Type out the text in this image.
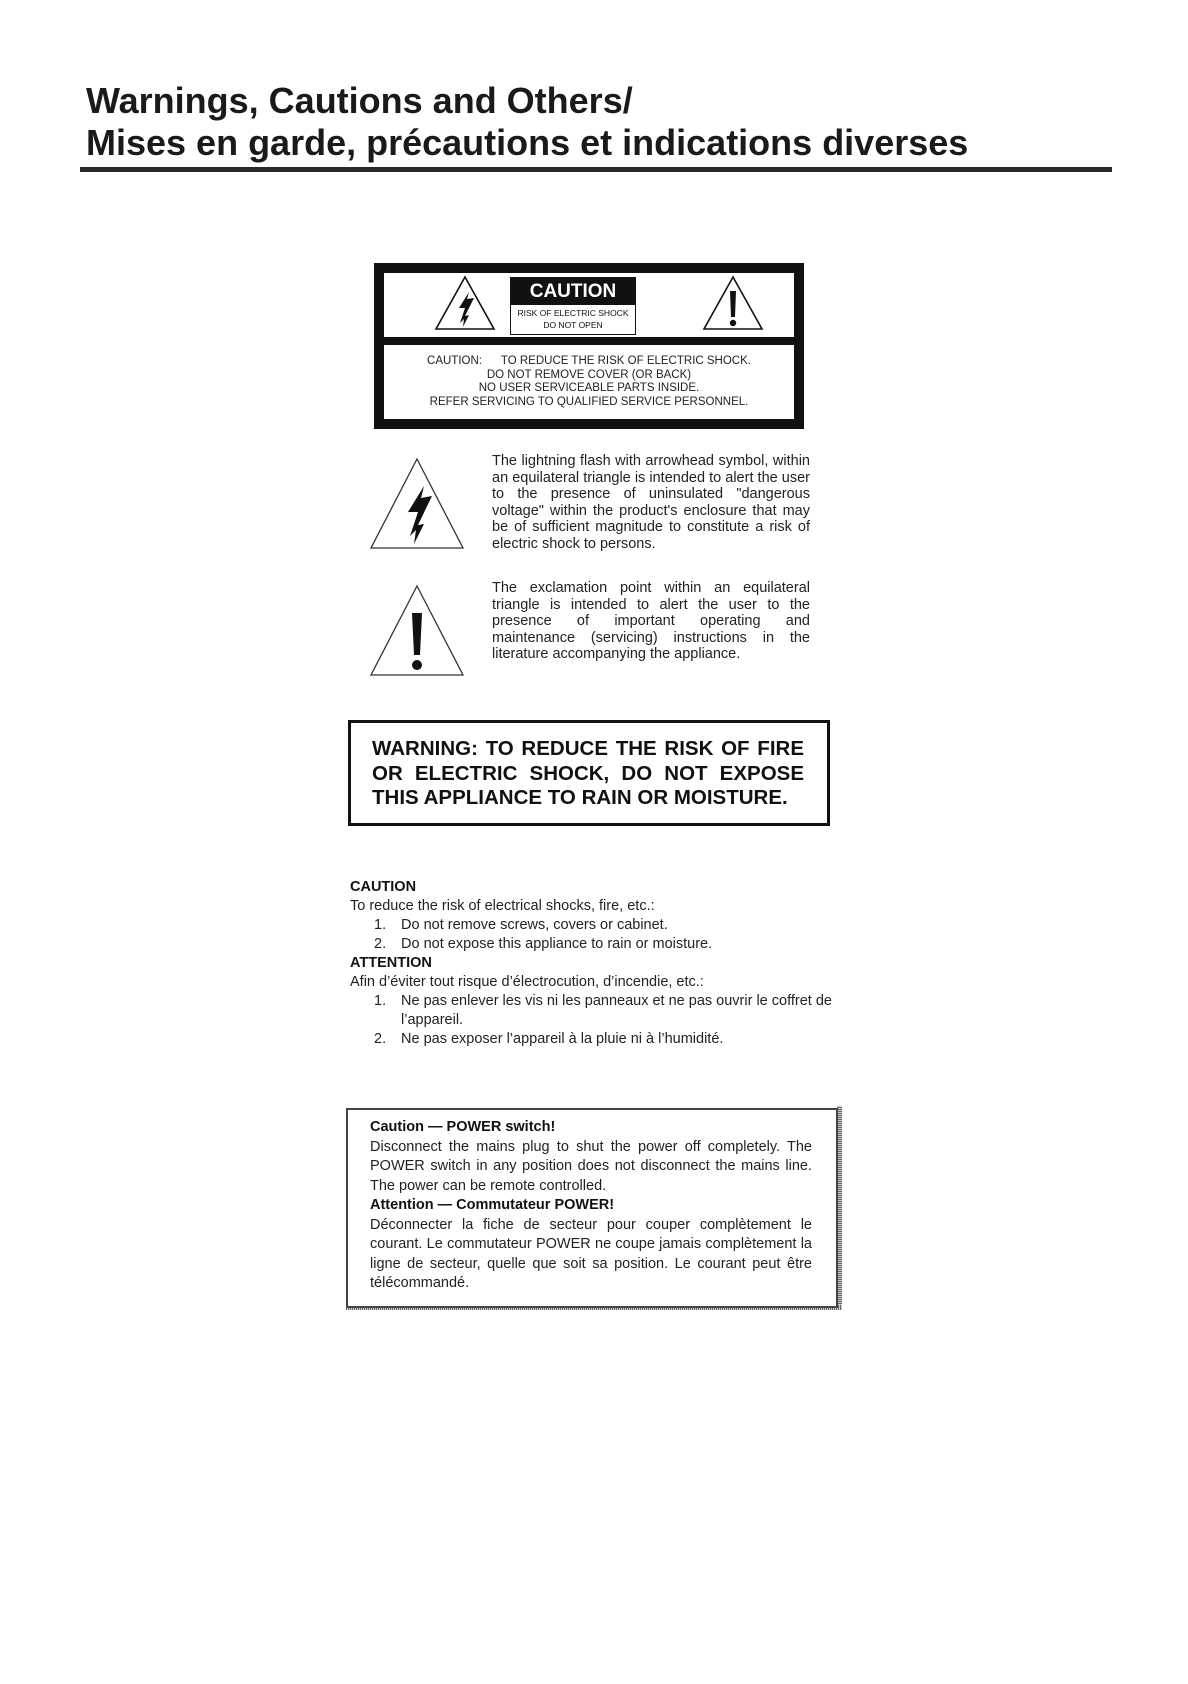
Warnings, Cautions and Others/

Mises en garde, précautions et indications diverses

CAUTION
RISK OF ELECTRIC SHOCK
DO NOT OPEN
CAUTION:      TO REDUCE THE RISK OF ELECTRIC SHOCK.
DO NOT REMOVE COVER (OR BACK)
NO USER SERVICEABLE PARTS INSIDE.
REFER SERVICING TO QUALIFIED SERVICE PERSONNEL.
The lightning flash with arrowhead symbol, within an equilateral triangle is intended to alert the user to the presence of uninsulated "dangerous voltage" within the product's enclosure that may be of sufficient magnitude to constitute a risk of electric shock to persons.
The exclamation point within an equilateral triangle is intended to alert the user to the presence of important operating and maintenance (servicing) instructions in the literature accompanying the appliance.
WARNING: TO REDUCE THE RISK OF FIRE OR ELECTRIC SHOCK, DO NOT EXPOSE THIS APPLIANCE TO RAIN OR MOISTURE.
CAUTION
To reduce the risk of electrical shocks, fire, etc.:
1. Do not remove screws, covers or cabinet.
2. Do not expose this appliance to rain or moisture.
ATTENTION
Afin d’éviter tout risque d’électrocution, d’incendie, etc.:
1. Ne pas enlever les vis ni les panneaux et ne pas ouvrir le coffret de l’appareil.
2. Ne pas exposer l’appareil à la pluie ni à l’humidité.
Caution — POWER switch!
Disconnect the mains plug to shut the power off completely. The POWER switch in any position does not disconnect the mains line. The power can be remote controlled.
Attention — Commutateur POWER!
Déconnecter la fiche de secteur pour couper complètement le courant. Le commutateur POWER ne coupe jamais complètement la ligne de secteur, quelle que soit sa position. Le courant peut être télécommandé.
